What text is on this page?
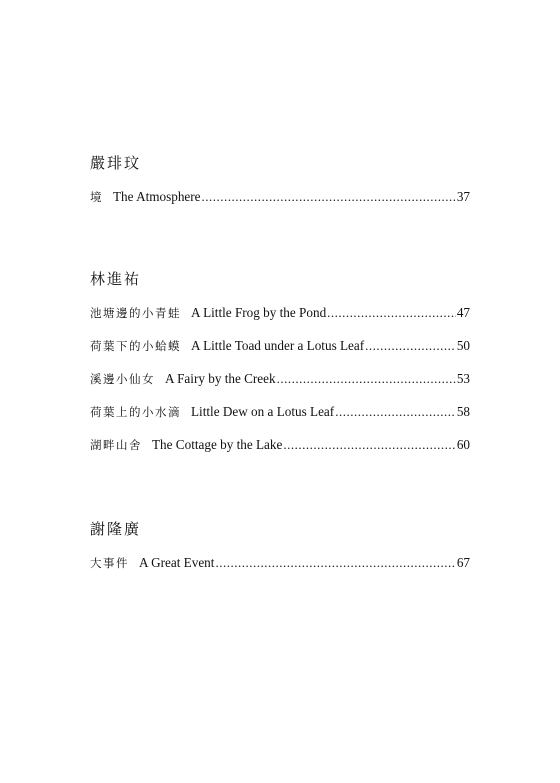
嚴琲玟
境 The Atmosphere .....	37
林進祐
池塘邊的小青蛙 A Little Frog by the Pond .....	47
荷葉下的小蛤蟆 A Little Toad under a Lotus Leaf .....	50
溪邊小仙女 A Fairy by the Creek .....	53
荷葉上的小水滴 Little Dew on a Lotus Leaf .....	58
湖畔山舍 The Cottage by the Lake .....	60
謝隆廣
大事件 A Great Event .....	67
